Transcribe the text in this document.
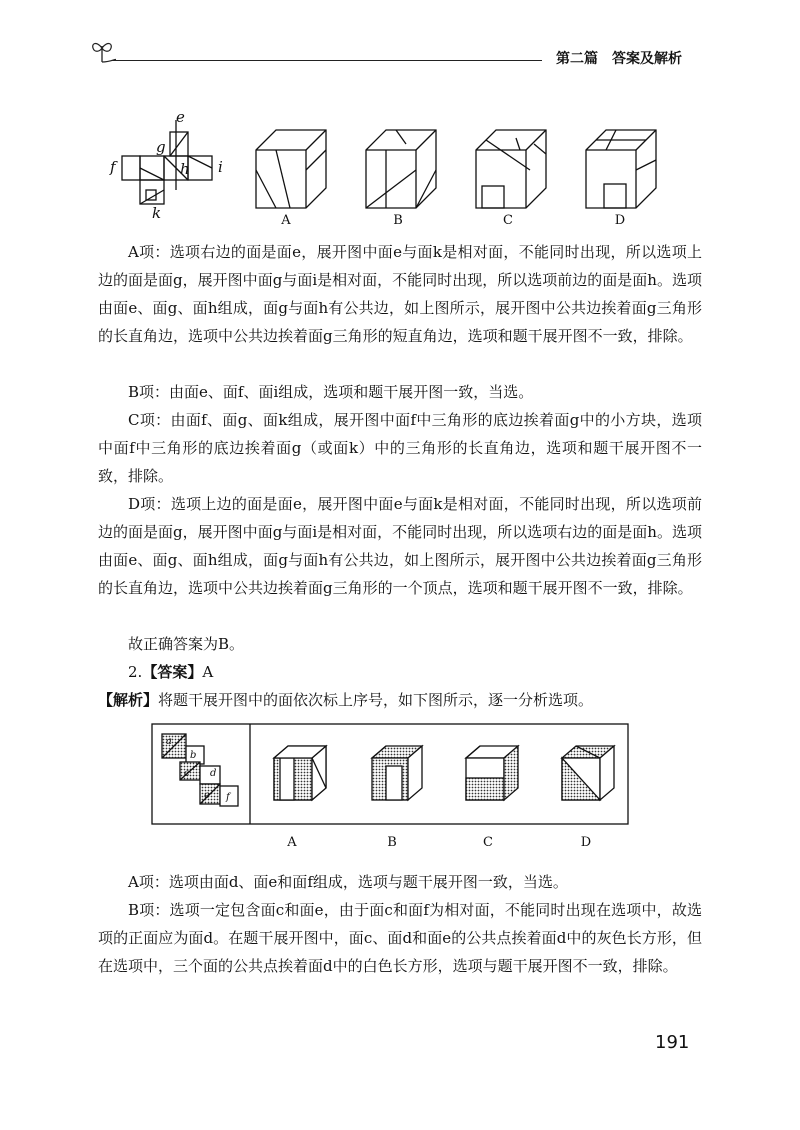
第二篇　答案及解析
e
f
g
h i
k	A	B	C	D

A项：选项右边的面是面e，展开图中面e与面k是相对面，不能同时出现，所以选项上边的面是面g，展开图中面g与面i是相对面，不能同时出现，所以选项前边的面是面h。选项由面e、面g、面h组成，面g与面h有公共边，如上图所示，展开图中公共边挨着面g三角形的长直角边，选项中公共边挨着面g三角形的短直角边，选项和题干展开图不一致，排除。

B项：由面e、面f、面i组成，选项和题干展开图一致，当选。

C项：由面f、面g、面k组成，展开图中面f中三角形的底边挨着面g中的小方块，选项中面f中三角形的底边挨着面g（或面k）中的三角形的长直角边，选项和题干展开图不一致，排除。

D项：选项上边的面是面e，展开图中面e与面k是相对面，不能同时出现，所以选项前边的面是面g，展开图中面g与面i是相对面，不能同时出现，所以选项右边的面是面h。选项由面e、面g、面h组成，面g与面h有公共边，如上图所示，展开图中公共边挨着面g三角形的长直角边，选项中公共边挨着面g三角形的一个顶点，选项和题干展开图不一致，排除。

故正确答案为B。

2.【答案】A

【解析】将题干展开图中的面依次标上序号，如下图所示，逐一分析选项。

a
b
c d
e f
A	B	C	D

A项：选项由面d、面e和面f组成，选项与题干展开图一致，当选。

B项：选项一定包含面c和面e，由于面c和面f为相对面，不能同时出现在选项中，故选项的正面应为面d。在题干展开图中，面c、面d和面e的公共点挨着面d中的灰色长方形，但在选项中，三个面的公共点挨着面d中的白色长方形，选项与题干展开图不一致，排除。

191
